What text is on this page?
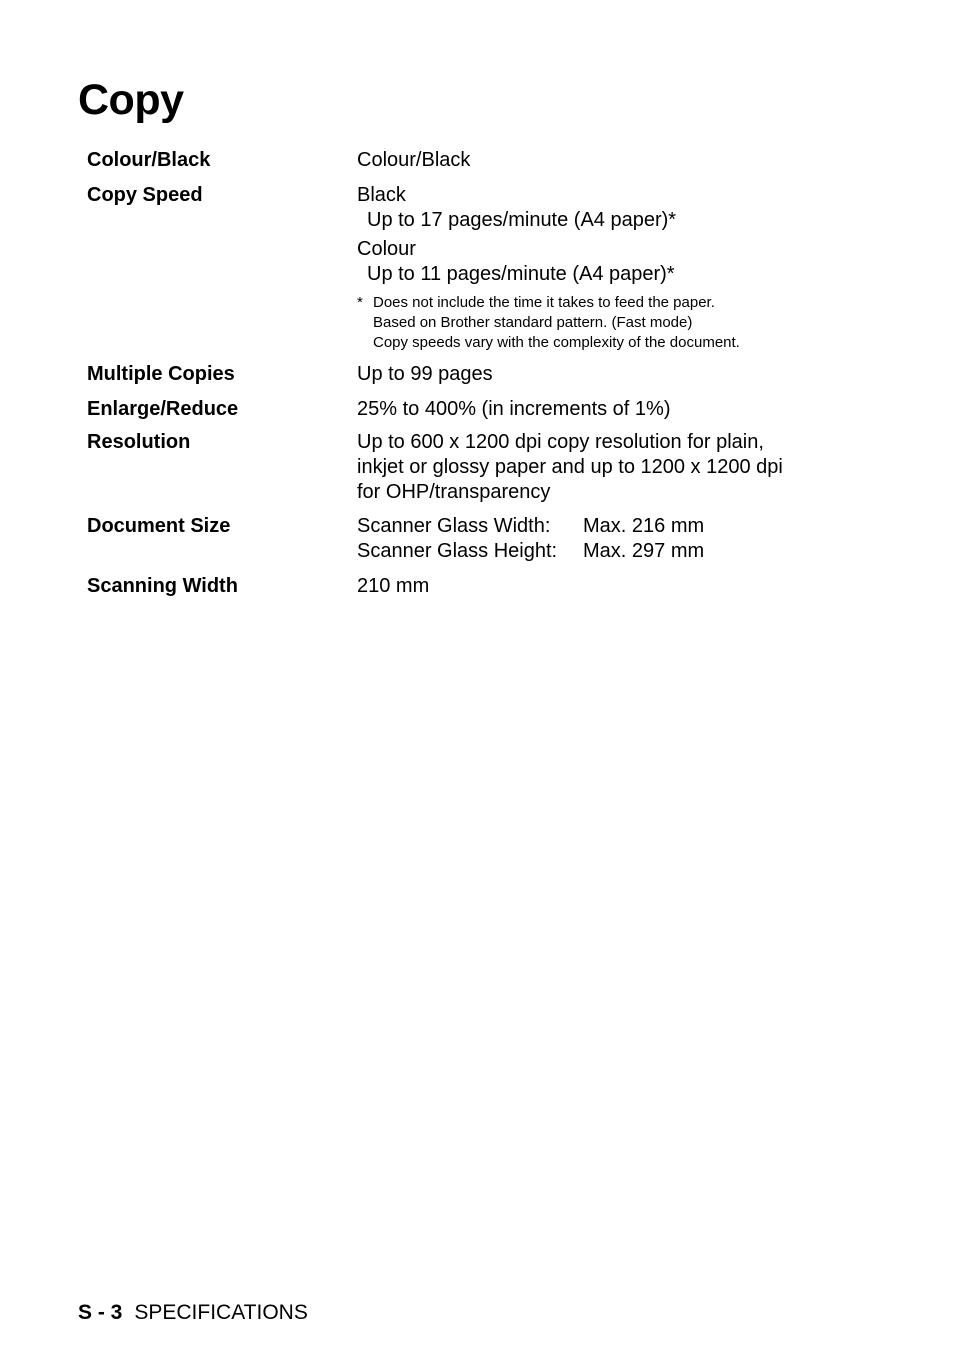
Copy
Colour/Black	Colour/Black
Copy Speed	Black
Up to 17 pages/minute (A4 paper)*
Colour
Up to 11 pages/minute (A4 paper)*
* Does not include the time it takes to feed the paper.
Based on Brother standard pattern. (Fast mode)
Copy speeds vary with the complexity of the document.
Multiple Copies	Up to 99 pages
Enlarge/Reduce	25% to 400% (in increments of 1%)
Resolution	Up to 600 x 1200 dpi copy resolution for plain,
inkjet or glossy paper and up to 1200 x 1200 dpi
for OHP/transparency
Document Size	Scanner Glass Width: Max. 216 mm
Scanner Glass Height: Max. 297 mm
Scanning Width	210 mm
S - 3 SPECIFICATIONS
